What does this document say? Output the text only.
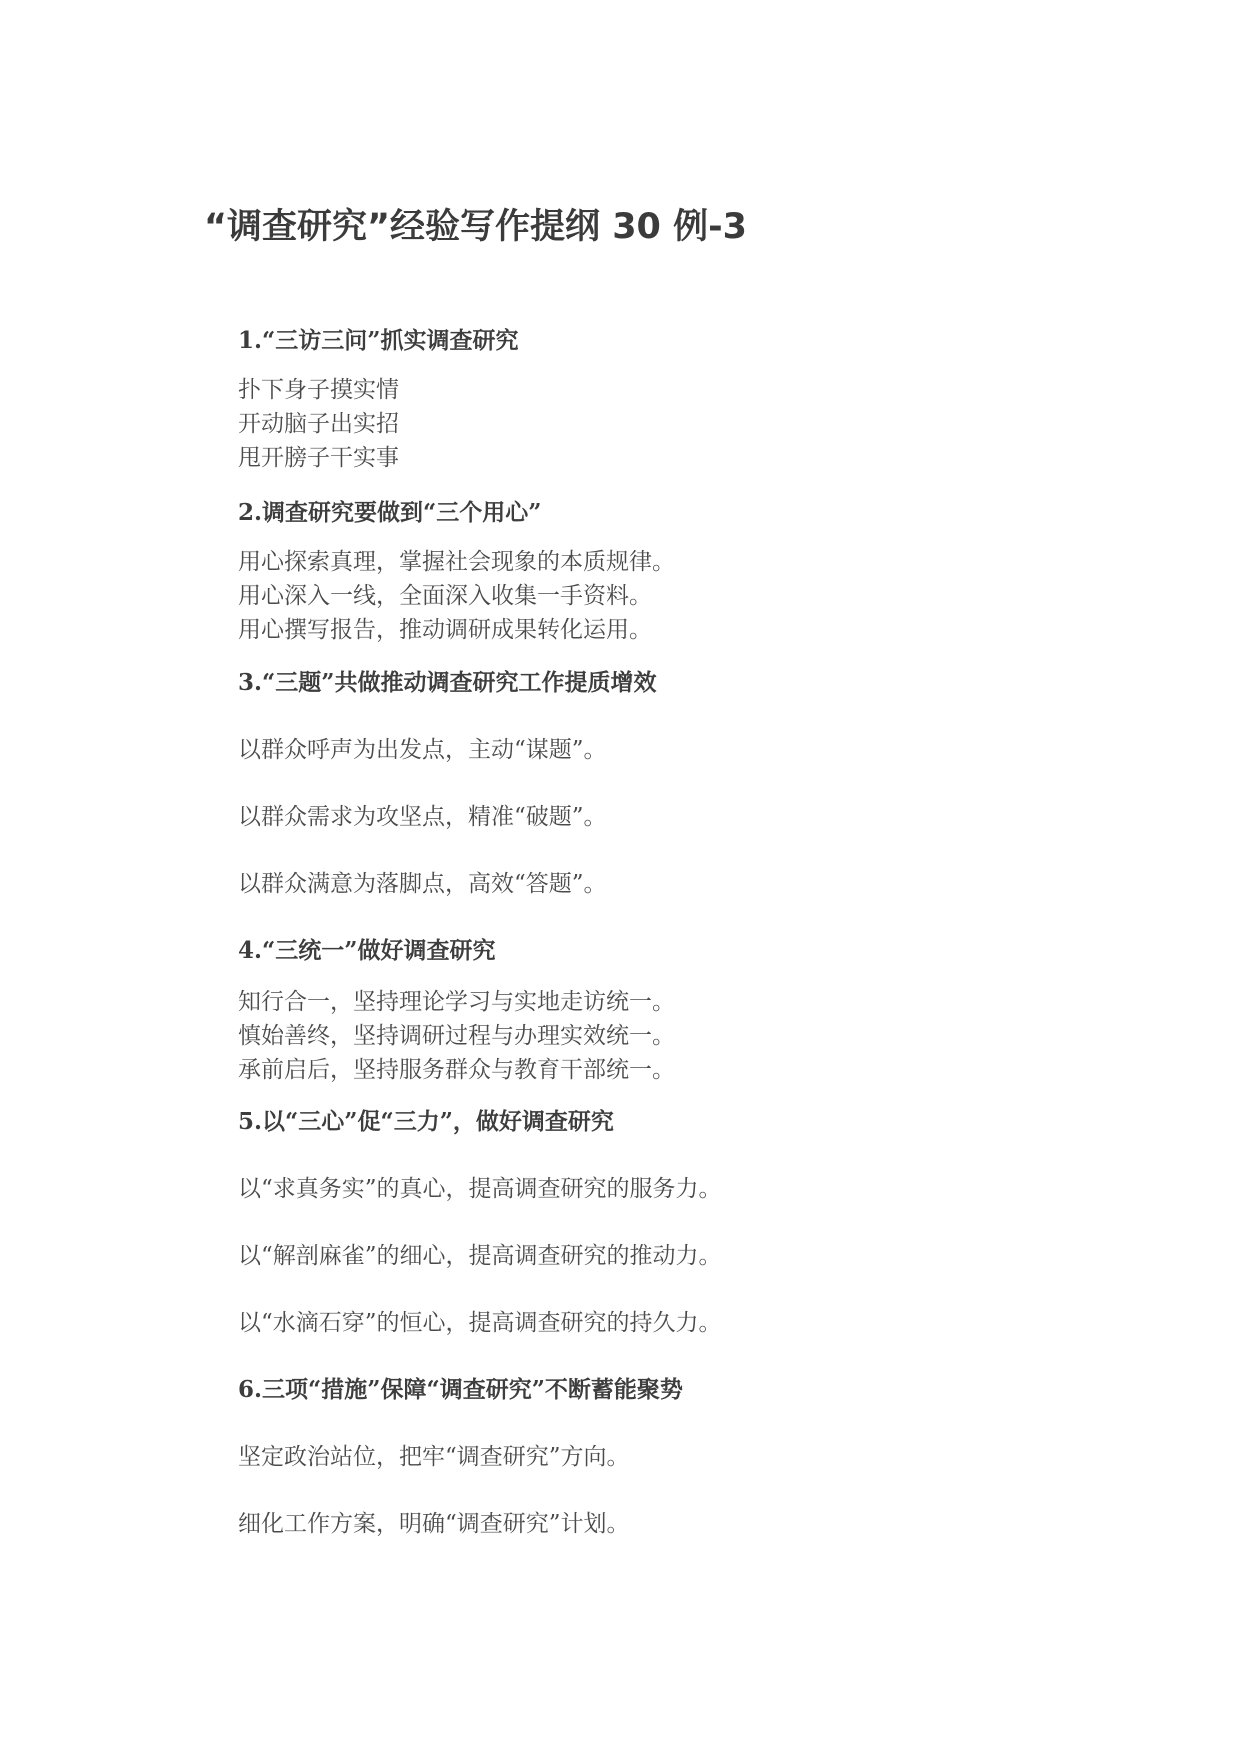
“调查研究”经验写作提纲 30 例-3
1.“三访三问”抓实调查研究

扑下身子摸实情

开动脑子出实招

甩开膀子干实事

2.调查研究要做到“三个用心”

用心探索真理，掌握社会现象的本质规律。

用心深入一线，全面深入收集一手资料。

用心撰写报告，推动调研成果转化运用。

3.“三题”共做推动调查研究工作提质增效

以群众呼声为出发点，主动“谋题”。

以群众需求为攻坚点，精准“破题”。

以群众满意为落脚点，高效“答题”。

4.“三统一”做好调查研究

知行合一，坚持理论学习与实地走访统一。

慎始善终，坚持调研过程与办理实效统一。

承前启后，坚持服务群众与教育干部统一。

5.以“三心”促“三力”，做好调查研究

以“求真务实”的真心，提高调查研究的服务力。

以“解剖麻雀”的细心，提高调查研究的推动力。

以“水滴石穿”的恒心，提高调查研究的持久力。

6.三项“措施”保障“调查研究”不断蓄能聚势

坚定政治站位，把牢“调查研究”方向。

细化工作方案，明确“调查研究”计划。
